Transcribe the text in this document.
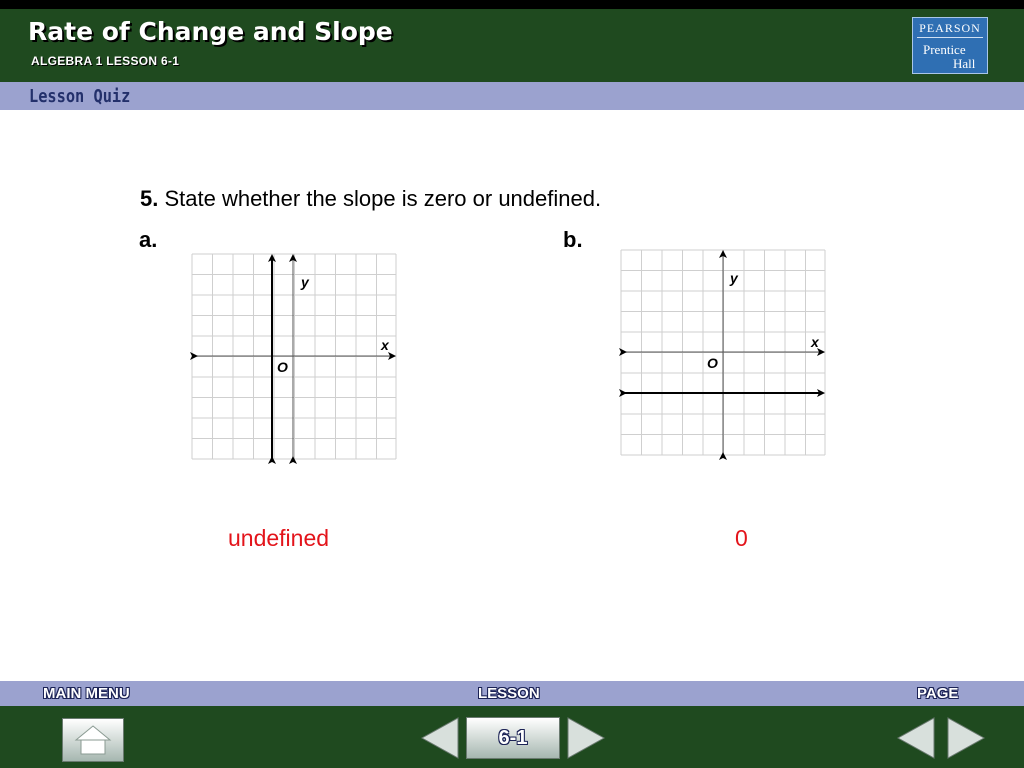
Rate of Change and Slope
ALGEBRA 1 LESSON 6-1
PEARSON
Prentice
Hall
Lesson Quiz
5. State whether the slope is zero or undefined.
a.	b.
y
x
O
y
x
O
undefined	0
MAIN MENU	LESSON	PAGE
6-1
